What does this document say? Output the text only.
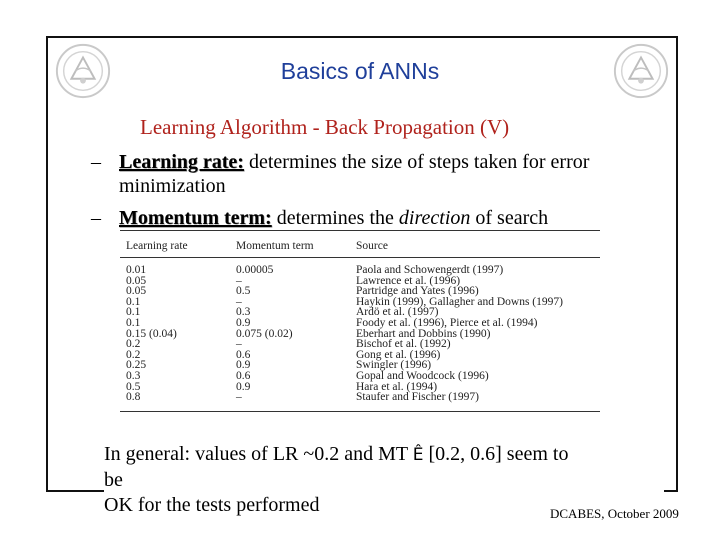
Basics of ANNs
Learning Algorithm - Back Propagation (V)
– Learning rate: determines the size of steps taken for error
minimization
– Momentum term: determines the direction of search
Learning rate	Momentum term	Source
0.01	0.00005	Paola and Schowengerdt (1997)
0.05	–	Lawrence et al. (1996)
0.05	0.5	Partridge and Yates (1996)
0.1	–	Haykin (1999), Gallagher and Downs (1997)
0.1	0.3	Ardö et al. (1997)
0.1	0.9	Foody et al. (1996), Pierce et al. (1994)
0.15 (0.04)	0.075 (0.02)	Eberhart and Dobbins (1990)
0.2	–	Bischof et al. (1992)
0.2	0.6	Gong et al. (1996)
0.25	0.9	Swingler (1996)
0.3	0.6	Gopal and Woodcock (1996)
0.5	0.9	Hara et al. (1994)
0.8	–	Staufer and Fischer (1997)
In general: values of LR ~0.2 and MT Ê [0.2, 0.6] seem to
be
OK for the tests performed	DCABES, October 2009
